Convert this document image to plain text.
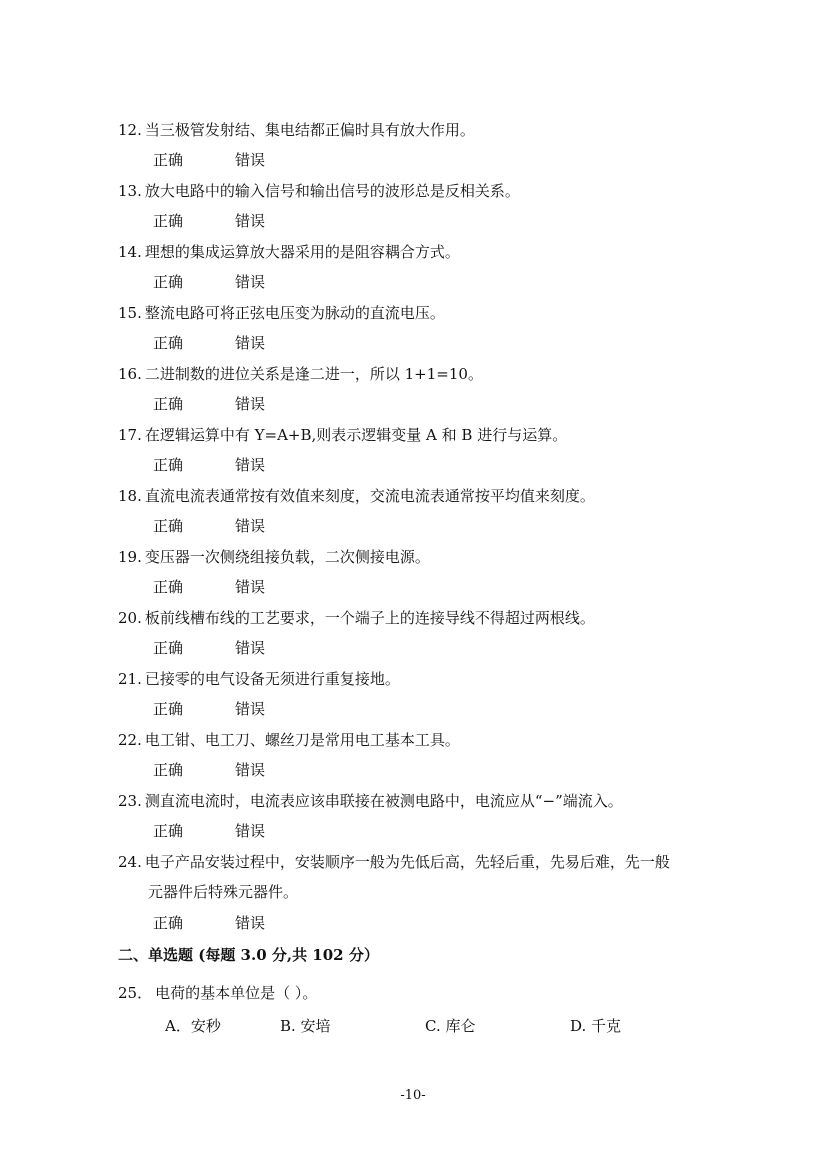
12. 当三极管发射结、集电结都正偏时具有放大作用。
正确	错误
13. 放大电路中的输入信号和输出信号的波形总是反相关系。
正确	错误
14. 理想的集成运算放大器采用的是阻容耦合方式。
正确	错误
15. 整流电路可将正弦电压变为脉动的直流电压。
正确	错误
16. 二进制数的进位关系是逢二进一，所以 1+1=10。
正确	错误
17. 在逻辑运算中有 Y=A+B,则表示逻辑变量 A 和 B 进行与运算。
正确	错误
18. 直流电流表通常按有效值来刻度，交流电流表通常按平均值来刻度。
正确	错误
19. 变压器一次侧绕组接负载，二次侧接电源。
正确	错误
20. 板前线槽布线的工艺要求，一个端子上的连接导线不得超过两根线。
正确	错误
21. 已接零的电气设备无须进行重复接地。
正确	错误
22. 电工钳、电工刀、螺丝刀是常用电工基本工具。
正确	错误
23. 测直流电流时，电流表应该串联接在被测电路中，电流应从“−”端流入。
正确	错误
24. 电子产品安装过程中，安装顺序一般为先低后高，先轻后重，先易后难，先一般
元器件后特殊元器件。
正确	错误
二、单选题 (每题 3.0 分,共 102 分）
25． 电荷的基本单位是（ ）。
A．安秒	B. 安培	C. 库仑	D. 千克
-10-
